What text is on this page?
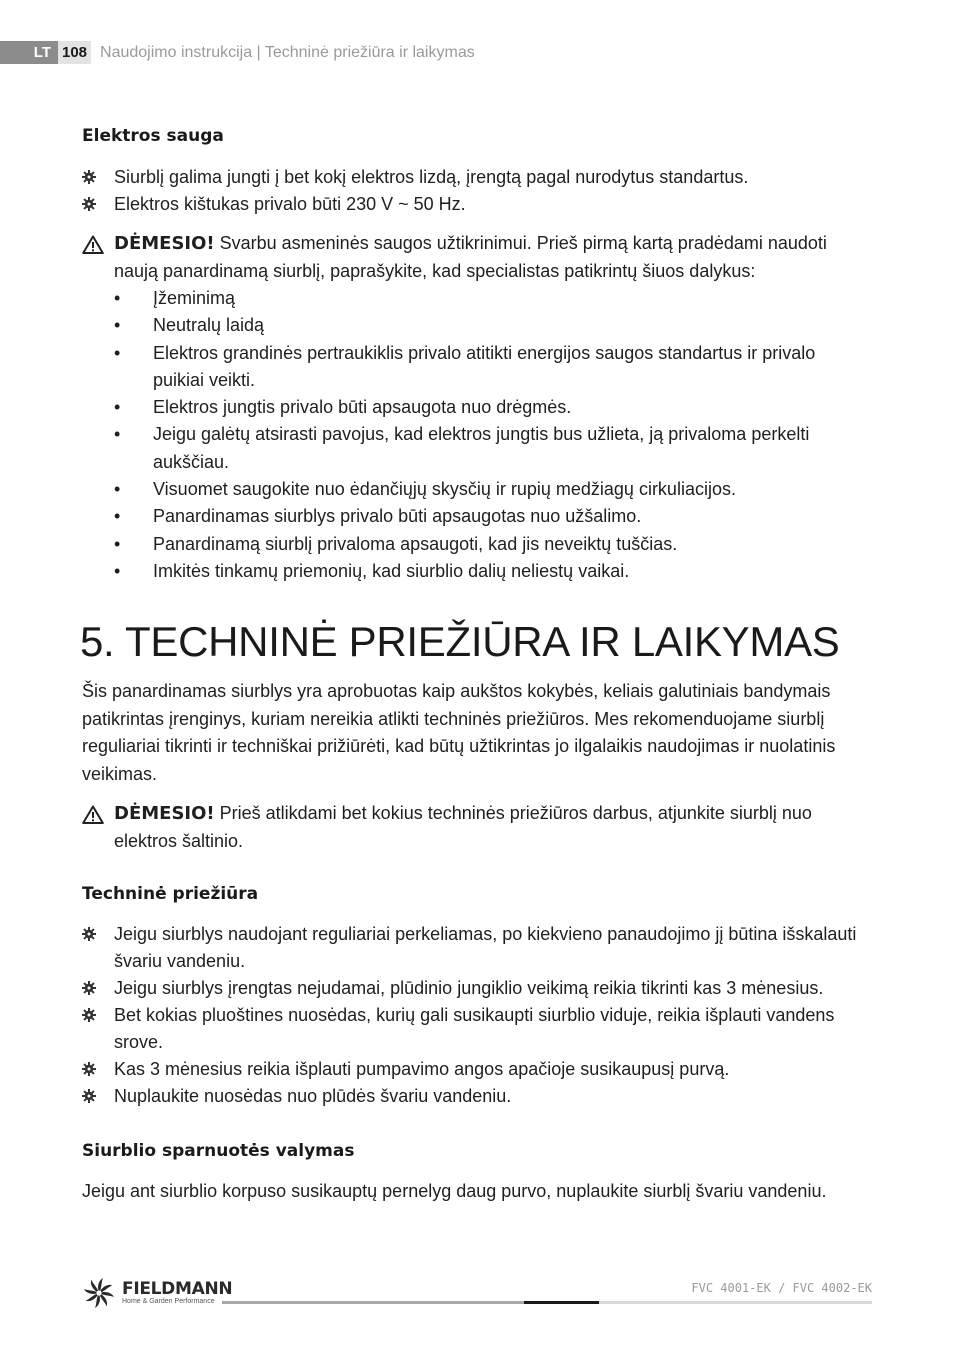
LT 108 Naudojimo instrukcija | Techninė priežiūra ir laikymas
Elektros sauga
Siurblį galima jungti į bet kokį elektros lizdą, įrengtą pagal nurodytus standartus.
Elektros kištukas privalo būti 230 V ~ 50 Hz.
DĖMESIO! Svarbu asmeninės saugos užtikrinimui. Prieš pirmą kartą pradėdami naudoti naują panardinamą siurblį, paprašykite, kad specialistas patikrintų šiuos dalykus:
• Įžeminimą
• Neutralų laidą
• Elektros grandinės pertraukiklis privalo atitikti energijos saugos standartus ir privalo puikiai veikti.
• Elektros jungtis privalo būti apsaugota nuo drėgmės.
• Jeigu galėtų atsirasti pavojus, kad elektros jungtis bus užlieta, ją privaloma perkelti aukščiau.
• Visuomet saugokite nuo ėdančiųjų skysčių ir rupių medžiagų cirkuliacijos.
• Panardinamas siurblys privalo būti apsaugotas nuo užšalimo.
• Panardinamą siurblį privaloma apsaugoti, kad jis neveiktų tuščias.
• Imkitės tinkamų priemonių, kad siurblio dalių neliestų vaikai.
5. TECHNINĖ PRIEŽIŪRA IR LAIKYMAS
Šis panardinamas siurblys yra aprobuotas kaip aukštos kokybės, keliais galutiniais bandymais patikrintas įrenginys, kuriam nereikia atlikti techninės priežiūros. Mes rekomenduojame siurblį reguliariai tikrinti ir techniškai prižiūrėti, kad būtų užtikrintas jo ilgalaikis naudojimas ir nuolatinis veikimas.
DĖMESIO! Prieš atlikdami bet kokius techninės priežiūros darbus, atjunkite siurblį nuo elektros šaltinio.
Techninė priežiūra
Jeigu siurblys naudojant reguliariai perkeliamas, po kiekvieno panaudojimo jį būtina išskalauti švariu vandeniu.
Jeigu siurblys įrengtas nejudamai, plūdinio jungiklio veikimą reikia tikrinti kas 3 mėnesius.
Bet kokias pluoštines nuosėdas, kurių gali susikaupti siurblio viduje, reikia išplauti vandens srove.
Kas 3 mėnesius reikia išplauti pumpavimo angos apačioje susikaupusį purvą.
Nuplaukite nuosėdas nuo plūdės švariu vandeniu.
Siurblio sparnuotės valymas
Jeigu ant siurblio korpuso susikauptų pernelyg daug purvo, nuplaukite siurblį švariu vandeniu.
FIELDMANN
Home & Garden Performance
FVC 4001-EK / FVC 4002-EK
